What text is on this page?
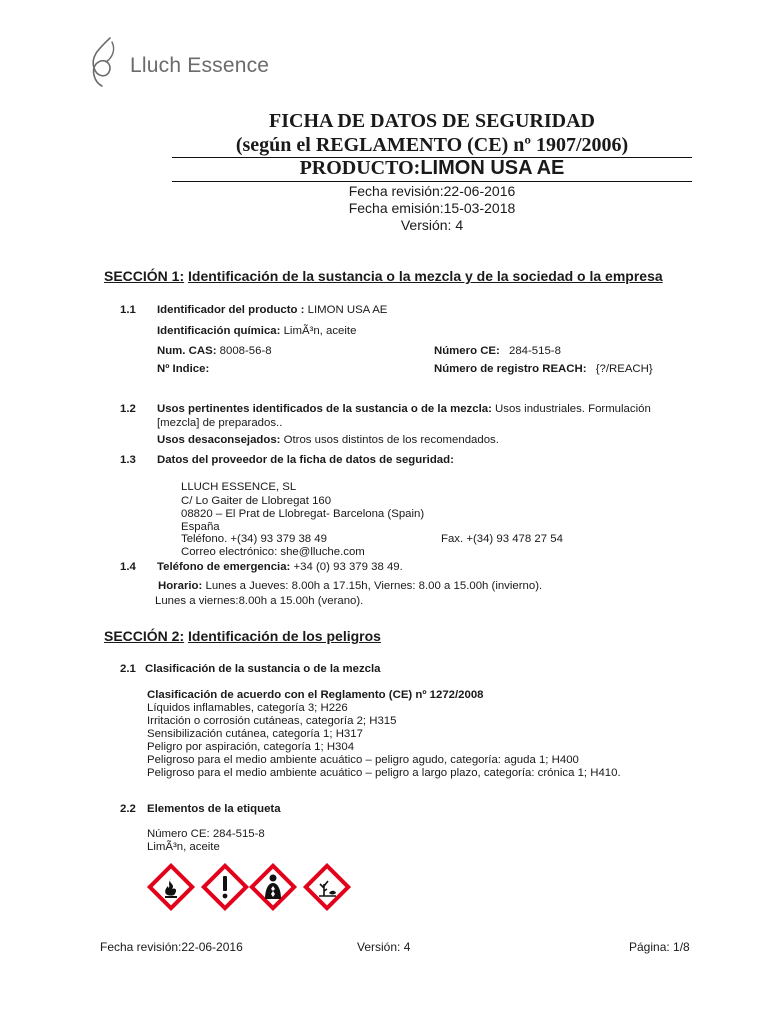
Lluch Essence
FICHA DE DATOS DE SEGURIDAD
(según el REGLAMENTO (CE) nº 1907/2006)
PRODUCTO:LIMON USA AE
Fecha revisión:22-06-2016
Fecha emisión:15-03-2018
Versión: 4
SECCIÓN 1: Identificación de la sustancia o la mezcla y de la sociedad o la empresa
1.1 Identificador del producto : LIMON USA AE
Identificación química: LimÃ³n, aceite
Num. CAS: 8008-56-8	Número CE: 284-515-8
Nº Indice:	Número de registro REACH: {?/REACH}
1.2 Usos pertinentes identificados de la sustancia o de la mezcla: Usos industriales. Formulación
[mezcla] de preparados..
Usos desaconsejados: Otros usos distintos de los recomendados.
1.3 Datos del proveedor de la ficha de datos de seguridad:
LLUCH ESSENCE, SL
C/ Lo Gaiter de Llobregat 160
08820 – El Prat de Llobregat- Barcelona (Spain)
España
Teléfono. +(34) 93 379 38 49	Fax. +(34) 93 478 27 54
Correo electrónico: she@lluche.com
1.4 Teléfono de emergencia: +34 (0) 93 379 38 49.
Horario: Lunes a Jueves: 8.00h a 17.15h, Viernes: 8.00 a 15.00h (invierno).
Lunes a viernes:8.00h a 15.00h (verano).
SECCIÓN 2: Identificación de los peligros
2.1 Clasificación de la sustancia o de la mezcla
Clasificación de acuerdo con el Reglamento (CE) nº 1272/2008
Líquidos inflamables, categoría 3; H226
Irritación o corrosión cutáneas, categoría 2; H315
Sensibilización cutánea, categoría 1; H317
Peligro por aspiración, categoría 1; H304
Peligroso para el medio ambiente acuático – peligro agudo, categoría: aguda 1; H400
Peligroso para el medio ambiente acuático – peligro a largo plazo, categoría: crónica 1; H410.
2.2 Elementos de la etiqueta
Número CE: 284-515-8
LimÃ³n, aceite
Fecha revisión:22-06-2016	Versión: 4	Página: 1/8
